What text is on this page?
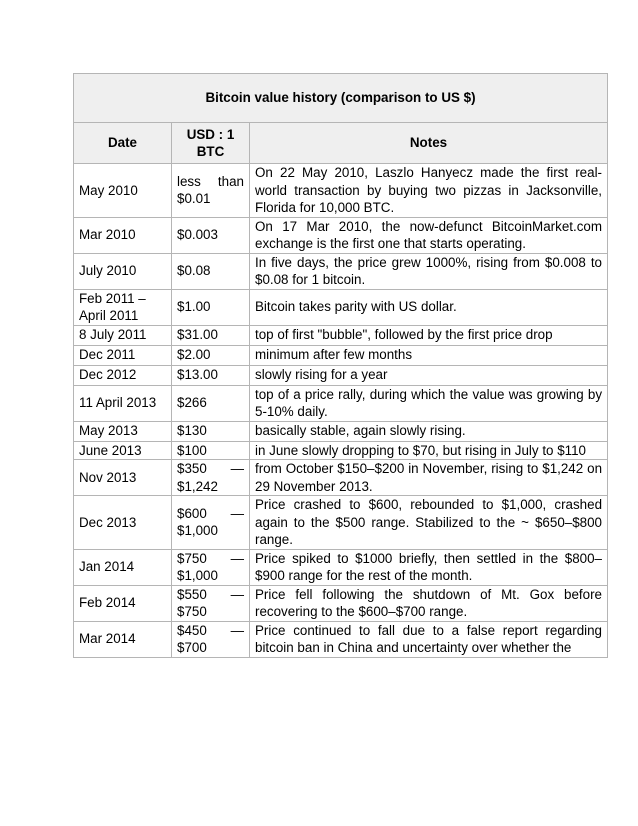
Bitcoin value history (comparison to US $)		
Date	USD : 1 BTC	Notes
May 2010	less than $0.01	On 22 May 2010, Laszlo Hanyecz made the first real-world transaction by buying two pizzas in Jacksonville, Florida for 10,000 BTC.
Mar 2010	$0.003	On 17 Mar 2010, the now-defunct BitcoinMarket.com exchange is the first one that starts operating.
July 2010	$0.08	In five days, the price grew 1000%, rising from $0.008 to $0.08 for 1 bitcoin.
Feb 2011 – April 2011	$1.00	Bitcoin takes parity with US dollar.
8 July 2011	$31.00	top of first "bubble", followed by the first price drop
Dec 2011	$2.00	minimum after few months
Dec 2012	$13.00	slowly rising for a year
11 April 2013	$266	top of a price rally, during which the value was growing by 5-10% daily.
May 2013	$130	basically stable, again slowly rising.
June 2013	$100	in June slowly dropping to $70, but rising in July to $110
Nov 2013	$350 — $1,242	from October $150–$200 in November, rising to $1,242 on 29 November 2013.
Dec 2013	$600 — $1,000	Price crashed to $600, rebounded to $1,000, crashed again to the $500 range. Stabilized to the ~ $650–$800 range.
Jan 2014	$750 — $1,000	Price spiked to $1000 briefly, then settled in the $800–$900 range for the rest of the month.
Feb 2014	$550 — $750	Price fell following the shutdown of Mt. Gox before recovering to the $600–$700 range.
Mar 2014	$450 — $700	Price continued to fall due to a false report regarding bitcoin ban in China and uncertainty over whether the
